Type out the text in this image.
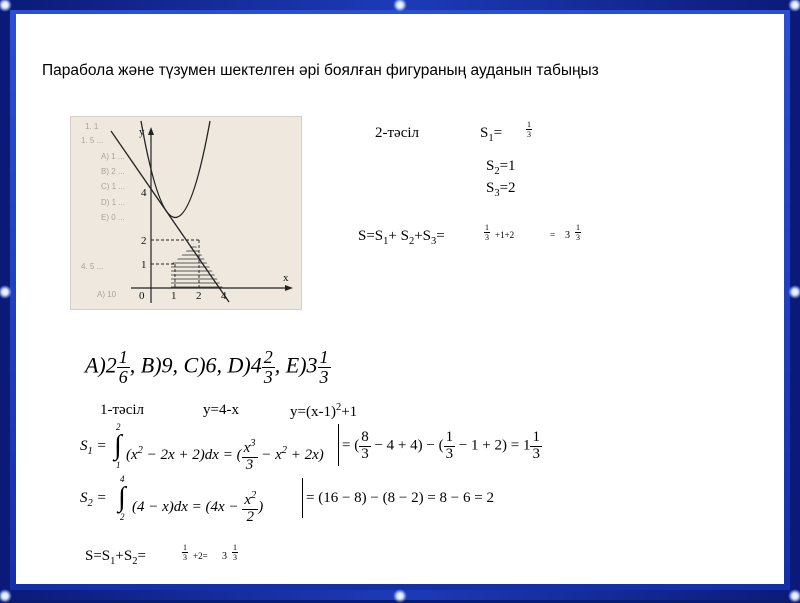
Парабола және түзумен шектелген әрі боялған фигураның ауданын табыңыз
1. 1
1. 5 ...
A) 1 ...
B) 2 ...
C) 1 ...
D) 1 ...
E) 0 ...
4. 5 ...
А) 10
y
x
0 1 2 4
1
2
4
2-тәсіл	$S_1=$
1
3
$S_2=1$
$S_3=2$
$S=S_1+ S_2+S_3=$
1
3 +1+2	= 3
1
3
$A)2 \frac{1}{6}$ , B)9, C)6, $D)4 \frac{2}{3}$ , $E)3 \frac{1}{3}$
1-тәсіл	y=4-x	$y=(x-1)^2+1$
$S_1$ =
2
∫
1
$(x^2 - 2x + 2)dx$ = ( $\frac{x^3}{3} - x^2 + 2x$)
= ( $\frac{8}{3} - 4 + 4$) − ( $\frac{1}{3} - 1 + 2) = 1 \frac{1}{3}$
$S_2$ =
4
∫
2
$(4 - x)dx = (4x - \frac{x^2}{2}$ )
= (16 − 8) − (8 − 2) = 8 − 6 = 2
$S=S_1+S_2=$
1
3 +2= 3
1
3
